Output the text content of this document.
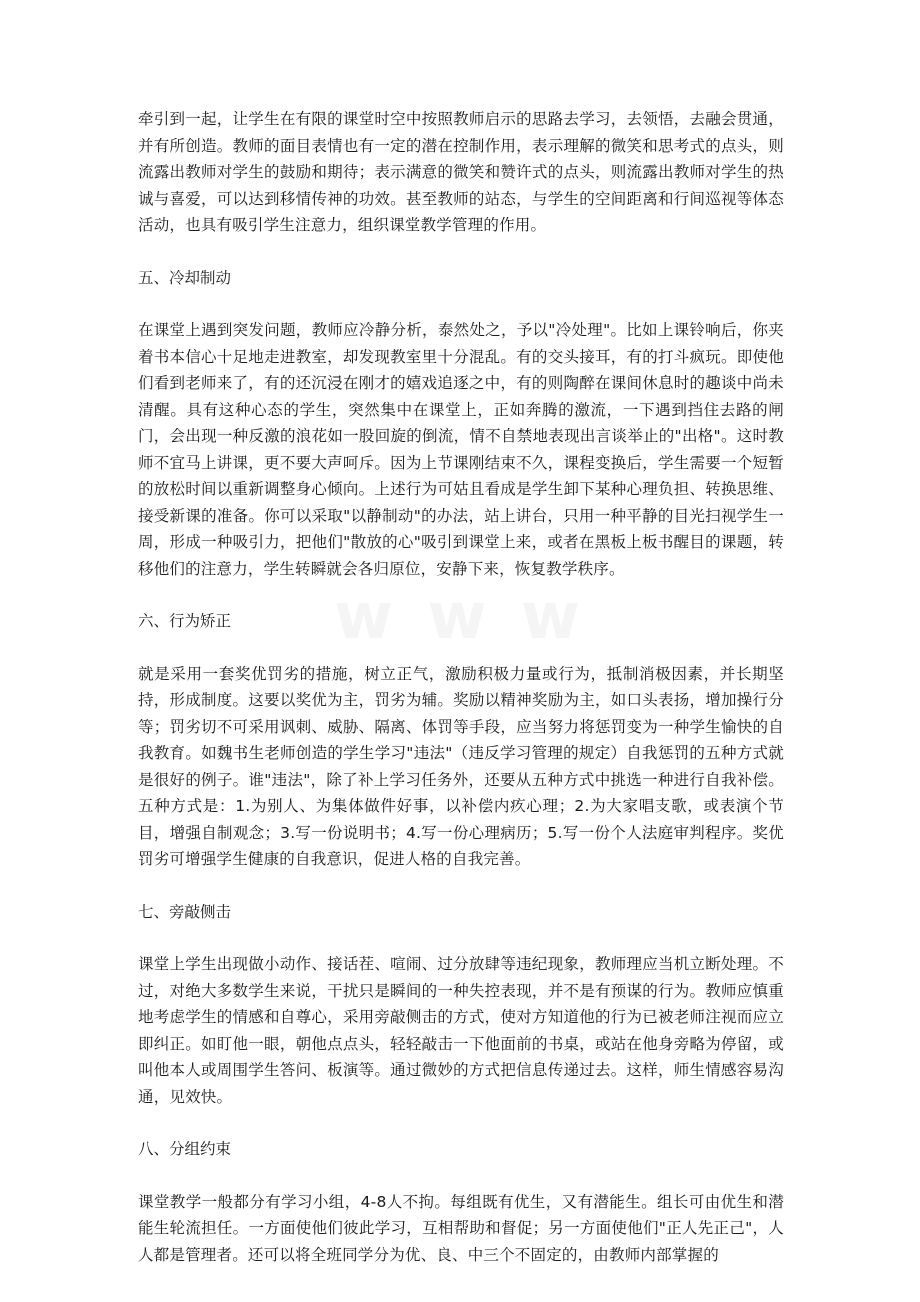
牵引到一起，让学生在有限的课堂时空中按照教师启示的思路去学习，去领悟，去融会贯通，并有所创造。教师的面目表情也有一定的潜在控制作用，表示理解的微笑和思考式的点头，则流露出教师对学生的鼓励和期待；表示满意的微笑和赞许式的点头，则流露出教师对学生的热诚与喜爱，可以达到移情传神的功效。甚至教师的站态，与学生的空间距离和行间巡视等体态活动，也具有吸引学生注意力，组织课堂教学管理的作用。

五、冷却制动

在课堂上遇到突发问题，教师应冷静分析，泰然处之，予以"冷处理"。比如上课铃响后，你夹着书本信心十足地走进教室，却发现教室里十分混乱。有的交头接耳，有的打斗疯玩。即使他们看到老师来了，有的还沉浸在刚才的嬉戏追逐之中，有的则陶醉在课间休息时的趣谈中尚未清醒。具有这种心态的学生，突然集中在课堂上，正如奔腾的激流，一下遇到挡住去路的闸门，会出现一种反激的浪花如一股回旋的倒流，情不自禁地表现出言谈举止的"出格"。这时教师不宜马上讲课，更不要大声呵斥。因为上节课刚结束不久，课程变换后，学生需要一个短暂的放松时间以重新调整身心倾向。上述行为可姑且看成是学生卸下某种心理负担、转换思维、接受新课的准备。你可以采取"以静制动"的办法，站上讲台，只用一种平静的目光扫视学生一周，形成一种吸引力，把他们"散放的心"吸引到课堂上来，或者在黑板上板书醒目的课题，转移他们的注意力，学生转瞬就会各归原位，安静下来，恢复教学秩序。

六、行为矫正

就是采用一套奖优罚劣的措施，树立正气，激励积极力量或行为，抵制消极因素，并长期坚持，形成制度。这要以奖优为主，罚劣为辅。奖励以精神奖励为主，如口头表扬，增加操行分等；罚劣切不可采用讽刺、威胁、隔离、体罚等手段，应当努力将惩罚变为一种学生愉快的自我教育。如魏书生老师创造的学生学习"违法"（违反学习管理的规定）自我惩罚的五种方式就是很好的例子。谁"违法"，除了补上学习任务外，还要从五种方式中挑选一种进行自我补偿。五种方式是：1.为别人、为集体做件好事，以补偿内疚心理；2.为大家唱支歌，或表演个节目，增强自制观念；3.写一份说明书；4.写一份心理病历；5.写一份个人法庭审判程序。奖优罚劣可增强学生健康的自我意识，促进人格的自我完善。

七、旁敲侧击

课堂上学生出现做小动作、接话茬、喧闹、过分放肆等违纪现象，教师理应当机立断处理。不过，对绝大多数学生来说，干扰只是瞬间的一种失控表现，并不是有预谋的行为。教师应慎重地考虑学生的情感和自尊心，采用旁敲侧击的方式，使对方知道他的行为已被老师注视而应立即纠正。如盯他一眼，朝他点点头，轻轻敲击一下他面前的书桌，或站在他身旁略为停留，或叫他本人或周围学生答问、板演等。通过微妙的方式把信息传递过去。这样，师生情感容易沟通，见效快。

八、分组约束

课堂教学一般都分有学习小组，4-8人不拘。每组既有优生，又有潜能生。组长可由优生和潜能生轮流担任。一方面使他们彼此学习，互相帮助和督促；另一方面使他们"正人先正己"，人人都是管理者。还可以将全班同学分为优、良、中三个不固定的，由教师内部掌握的
